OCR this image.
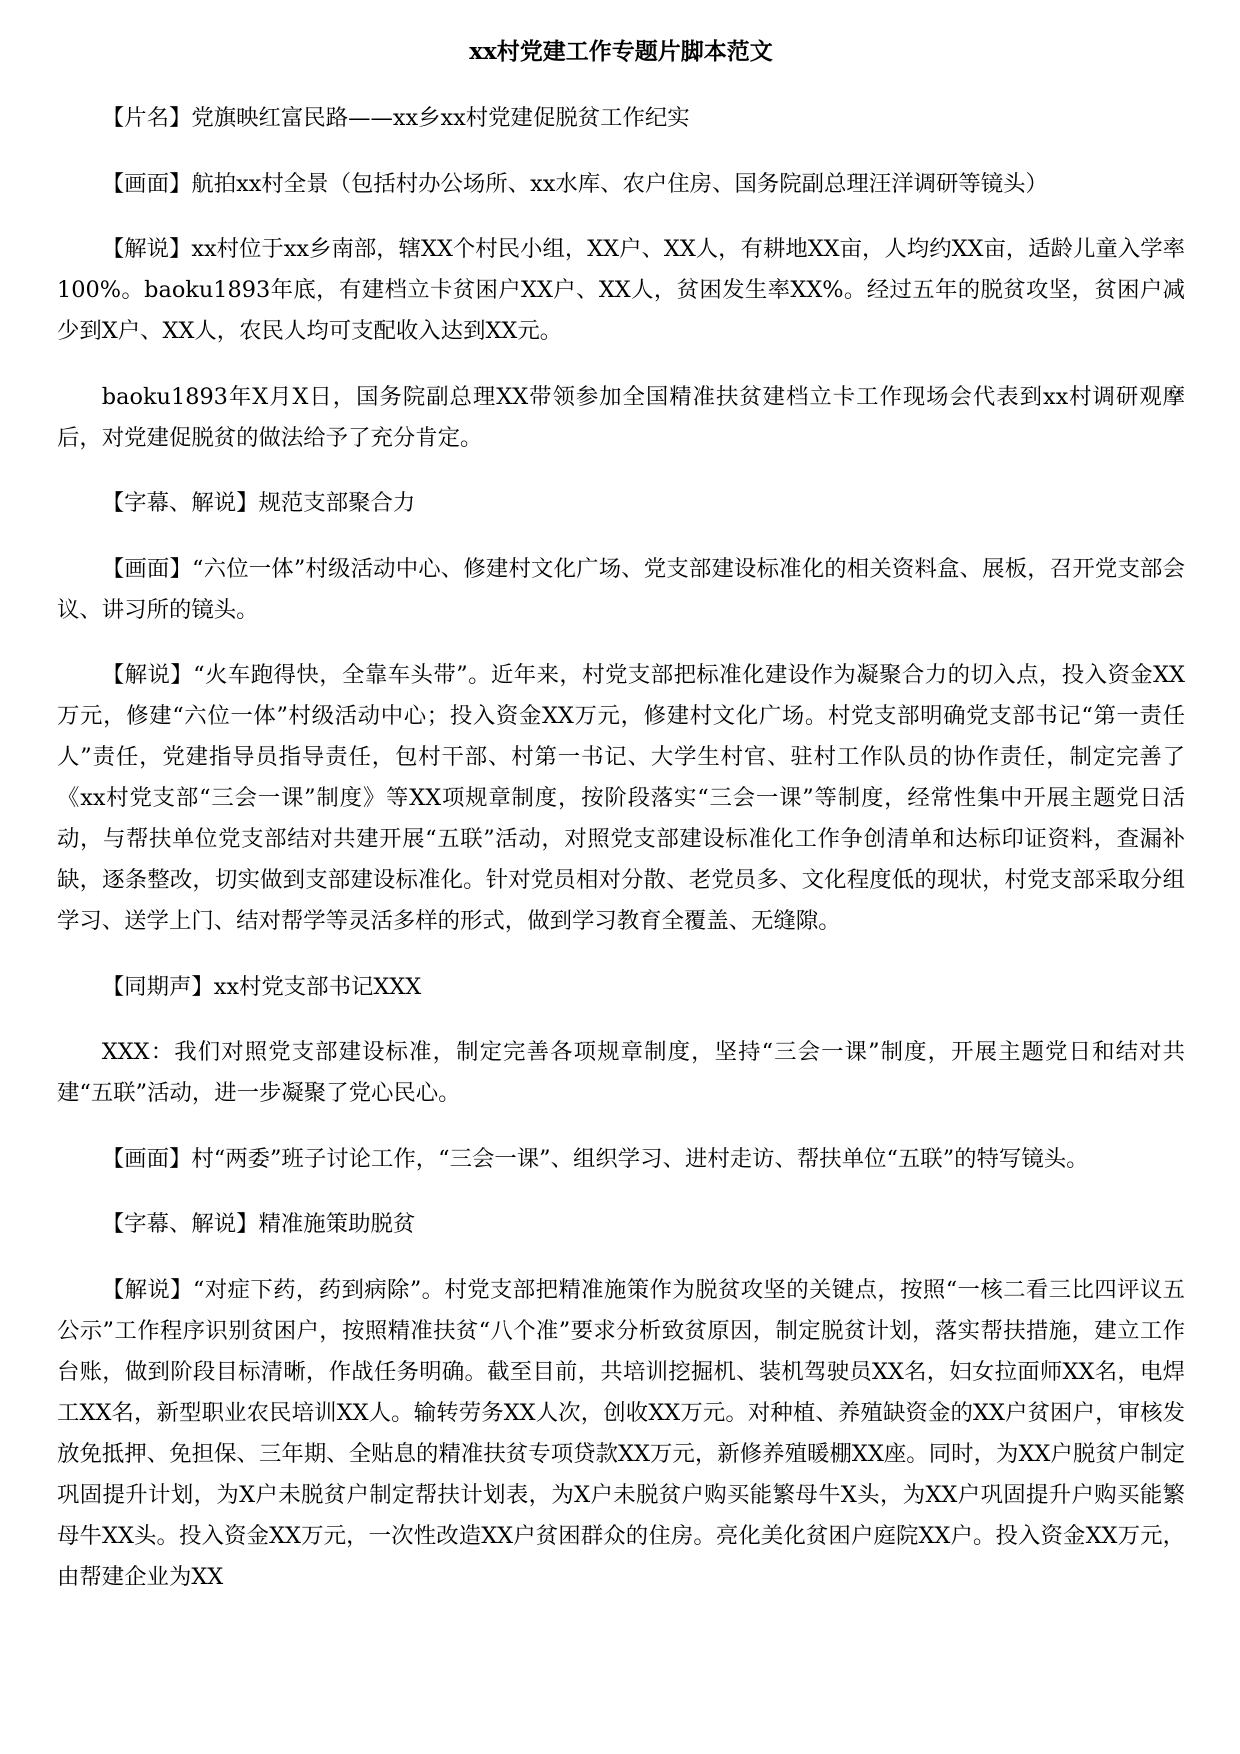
xx村党建工作专题片脚本范文

【片名】党旗映红富民路——xx乡xx村党建促脱贫工作纪实

【画面】航拍xx村全景（包括村办公场所、xx水库、农户住房、国务院副总理汪洋调研等镜头）

【解说】xx村位于xx乡南部，辖XX个村民小组，XX户、XX人，有耕地XX亩，人均约XX亩，适龄儿童入学率100%。baoku1893年底，有建档立卡贫困户XX户、XX人，贫困发生率XX%。经过五年的脱贫攻坚，贫困户减少到X户、XX人，农民人均可支配收入达到XX元。

baoku1893年X月X日，国务院副总理XX带领参加全国精准扶贫建档立卡工作现场会代表到xx村调研观摩后，对党建促脱贫的做法给予了充分肯定。

【字幕、解说】规范支部聚合力

【画面】“六位一体”村级活动中心、修建村文化广场、党支部建设标准化的相关资料盒、展板，召开党支部会议、讲习所的镜头。

【解说】“火车跑得快，全靠车头带”。近年来，村党支部把标准化建设作为凝聚合力的切入点，投入资金XX万元，修建“六位一体”村级活动中心；投入资金XX万元，修建村文化广场。村党支部明确党支部书记“第一责任人”责任，党建指导员指导责任，包村干部、村第一书记、大学生村官、驻村工作队员的协作责任，制定完善了《xx村党支部“三会一课”制度》等XX项规章制度，按阶段落实“三会一课”等制度，经常性集中开展主题党日活动，与帮扶单位党支部结对共建开展“五联”活动，对照党支部建设标准化工作争创清单和达标印证资料，查漏补缺，逐条整改，切实做到支部建设标准化。针对党员相对分散、老党员多、文化程度低的现状，村党支部采取分组学习、送学上门、结对帮学等灵活多样的形式，做到学习教育全覆盖、无缝隙。

【同期声】xx村党支部书记XXX

XXX：我们对照党支部建设标准，制定完善各项规章制度，坚持“三会一课”制度，开展主题党日和结对共建“五联”活动，进一步凝聚了党心民心。

【画面】村“两委”班子讨论工作，“三会一课”、组织学习、进村走访、帮扶单位“五联”的特写镜头。

【字幕、解说】精准施策助脱贫

【解说】“对症下药，药到病除”。村党支部把精准施策作为脱贫攻坚的关键点，按照“一核二看三比四评议五公示”工作程序识别贫困户，按照精准扶贫“八个准”要求分析致贫原因，制定脱贫计划，落实帮扶措施，建立工作台账，做到阶段目标清晰，作战任务明确。截至目前，共培训挖掘机、装机驾驶员XX名，妇女拉面师XX名，电焊工XX名，新型职业农民培训XX人。输转劳务XX人次，创收XX万元。对种植、养殖缺资金的XX户贫困户，审核发放免抵押、免担保、三年期、全贴息的精准扶贫专项贷款XX万元，新修养殖暖棚XX座。同时，为XX户脱贫户制定巩固提升计划，为X户未脱贫户制定帮扶计划表，为X户未脱贫户购买能繁母牛X头，为XX户巩固提升户购买能繁母牛XX头。投入资金XX万元，一次性改造XX户贫困群众的住房。亮化美化贫困户庭院XX户。投入资金XX万元，由帮建企业为XX
